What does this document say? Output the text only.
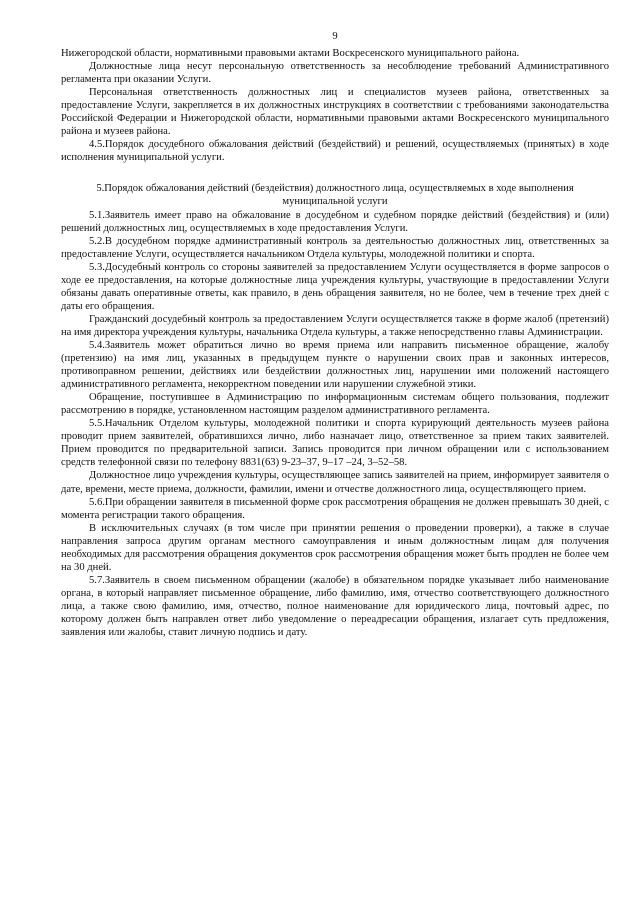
9

Нижегородской области, нормативными правовыми актами Воскресенского муниципального района.

Должностные лица несут персональную ответственность за несоблюдение требований Административного регламента при оказании Услуги.

Персональная ответственность должностных лиц и специалистов музеев района, ответственных за предоставление Услуги, закрепляется в их должностных инструкциях в соответствии с требованиями законодательства Российской Федерации и Нижегородской области, нормативными правовыми актами Воскресенского муниципального района и музеев района.

4.5.Порядок досудебного обжалования действий (бездействий) и решений, осуществляемых (принятых) в ходе исполнения муниципальной услуги.

5.Порядок обжалования действий (бездействия) должностного лица, осуществляемых в ходе выполнения муниципальной услуги

5.1.Заявитель имеет право на обжалование в досудебном и судебном порядке действий (бездействия) и (или) решений должностных лиц, осуществляемых в ходе предоставления Услуги.

5.2.В досудебном порядке административный контроль за деятельностью должностных лиц, ответственных за предоставление Услуги, осуществляется начальником Отдела культуры, молодежной политики и спорта.

5.3.Досудебный контроль со стороны заявителей за предоставлением Услуги осуществляется в форме запросов о ходе ее предоставления, на которые должностные лица учреждения культуры, участвующие в предоставлении Услуги обязаны давать оперативные ответы, как правило, в день обращения заявителя, но не более, чем в течение трех дней с даты его обращения.

Гражданский досудебный контроль за предоставлением Услуги осуществляется также в форме жалоб (претензий) на имя директора учреждения культуры, начальника Отдела культуры, а также непосредственно главы Администрации.

5.4.Заявитель может обратиться лично во время приема или направить письменное обращение, жалобу (претензию) на имя лиц, указанных в предыдущем пункте о нарушении своих прав и законных интересов, противоправном решении, действиях или бездействии должностных лиц, нарушении ими положений настоящего административного регламента, некорректном поведении или нарушении служебной этики.

Обращение, поступившее в Администрацию по информационным системам общего пользования, подлежит рассмотрению в порядке, установленном настоящим разделом административного регламента.

5.5.Начальник Отделом культуры, молодежной политики и спорта курирующий деятельность музеев района проводит прием заявителей, обратившихся лично, либо назначает лицо, ответственное за прием таких заявителей. Прием проводится по предварительной записи. Запись проводится при личном обращении или с использованием средств телефонной связи по телефону 8831(63) 9-23–37, 9–17 –24, 3–52–58.

Должностное лицо учреждения культуры, осуществляющее запись заявителей на прием, информирует заявителя о дате, времени, месте приема, должности, фамилии, имени и отчестве должностного лица, осуществляющего прием.

5.6.При обращении заявителя в письменной форме срок рассмотрения обращения не должен превышать 30 дней, с момента регистрации такого обращения.

В исключительных случаях (в том числе при принятии решения о проведении проверки), а также в случае направления запроса другим органам местного самоуправления и иным должностным лицам для получения необходимых для рассмотрения обращения документов срок рассмотрения обращения может быть продлен не более чем на 30 дней.

5.7.Заявитель в своем письменном обращении (жалобе) в обязательном порядке указывает либо наименование органа, в который направляет письменное обращение, либо фамилию, имя, отчество соответствующего должностного лица, а также свою фамилию, имя, отчество, полное наименование для юридического лица, почтовый адрес, по которому должен быть направлен ответ либо уведомление о переадресации обращения, излагает суть предложения, заявления или жалобы, ставит личную подпись и дату.
